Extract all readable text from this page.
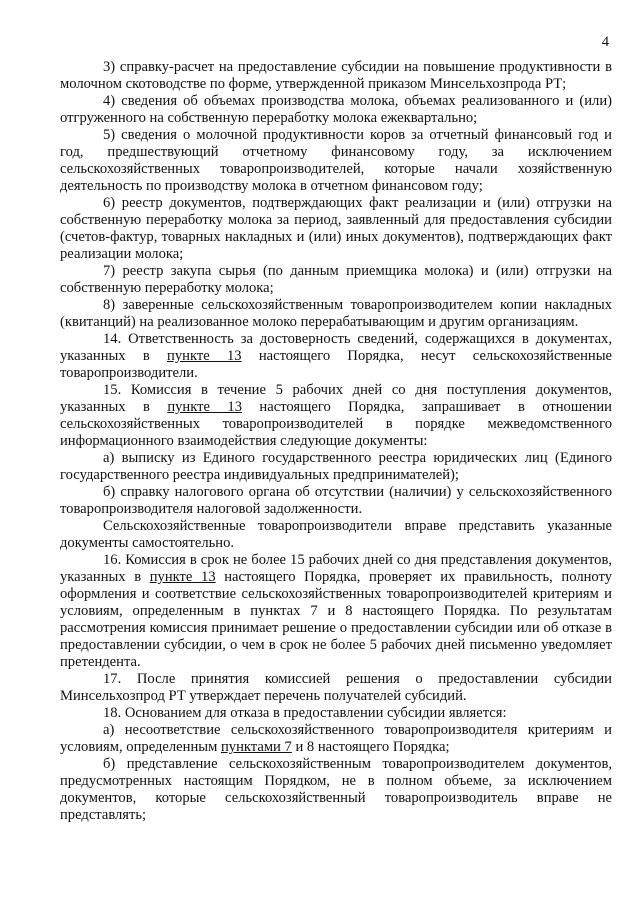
4

3) справку-расчет на предоставление субсидии на повышение продуктивности в молочном скотоводстве по форме, утвержденной приказом Минсельхозпрода РТ;

4) сведения об объемах производства молока, объемах реализованного и (или) отгруженного на собственную переработку молока ежеквартально;

5) сведения о молочной продуктивности коров за отчетный финансовый год и год, предшествующий отчетному финансовому году, за исключением сельскохозяйственных товаропроизводителей, которые начали хозяйственную деятельность по производству молока в отчетном финансовом году;

6) реестр документов, подтверждающих факт реализации и (или) отгрузки на собственную переработку молока за период, заявленный для предоставления субсидии (счетов-фактур, товарных накладных и (или) иных документов), подтверждающих факт реализации молока;

7) реестр закупа сырья (по данным приемщика молока) и (или) отгрузки на собственную переработку молока;

8) заверенные сельскохозяйственным товаропроизводителем копии накладных (квитанций) на реализованное молоко перерабатывающим и другим организациям.

14. Ответственность за достоверность сведений, содержащихся в документах, указанных в пункте 13 настоящего Порядка, несут сельскохозяйственные товаропроизводители.

15. Комиссия в течение 5 рабочих дней со дня поступления документов, указанных в пункте 13 настоящего Порядка, запрашивает в отношении сельскохозяйственных товаропроизводителей в порядке межведомственного информационного взаимодействия следующие документы:

а) выписку из Единого государственного реестра юридических лиц (Единого государственного реестра индивидуальных предпринимателей);

б) справку налогового органа об отсутствии (наличии) у сельскохозяйственного товаропроизводителя налоговой задолженности.

Сельскохозяйственные товаропроизводители вправе представить указанные документы самостоятельно.

16. Комиссия в срок не более 15 рабочих дней со дня представления документов, указанных в пункте 13 настоящего Порядка, проверяет их правильность, полноту оформления и соответствие сельскохозяйственных товаропроизводителей критериям и условиям, определенным в пунктах 7 и 8 настоящего Порядка. По результатам рассмотрения комиссия принимает решение о предоставлении субсидии или об отказе в предоставлении субсидии, о чем в срок не более 5 рабочих дней письменно уведомляет претендента.

17. После принятия комиссией решения о предоставлении субсидии Минсельхозпрод РТ утверждает перечень получателей субсидий.

18. Основанием для отказа в предоставлении субсидии является:

а) несоответствие сельскохозяйственного товаропроизводителя критериям и условиям, определенным пунктами 7 и 8 настоящего Порядка;

б) представление сельскохозяйственным товаропроизводителем документов, предусмотренных настоящим Порядком, не в полном объеме, за исключением документов, которые сельскохозяйственный товаропроизводитель вправе не представлять;
